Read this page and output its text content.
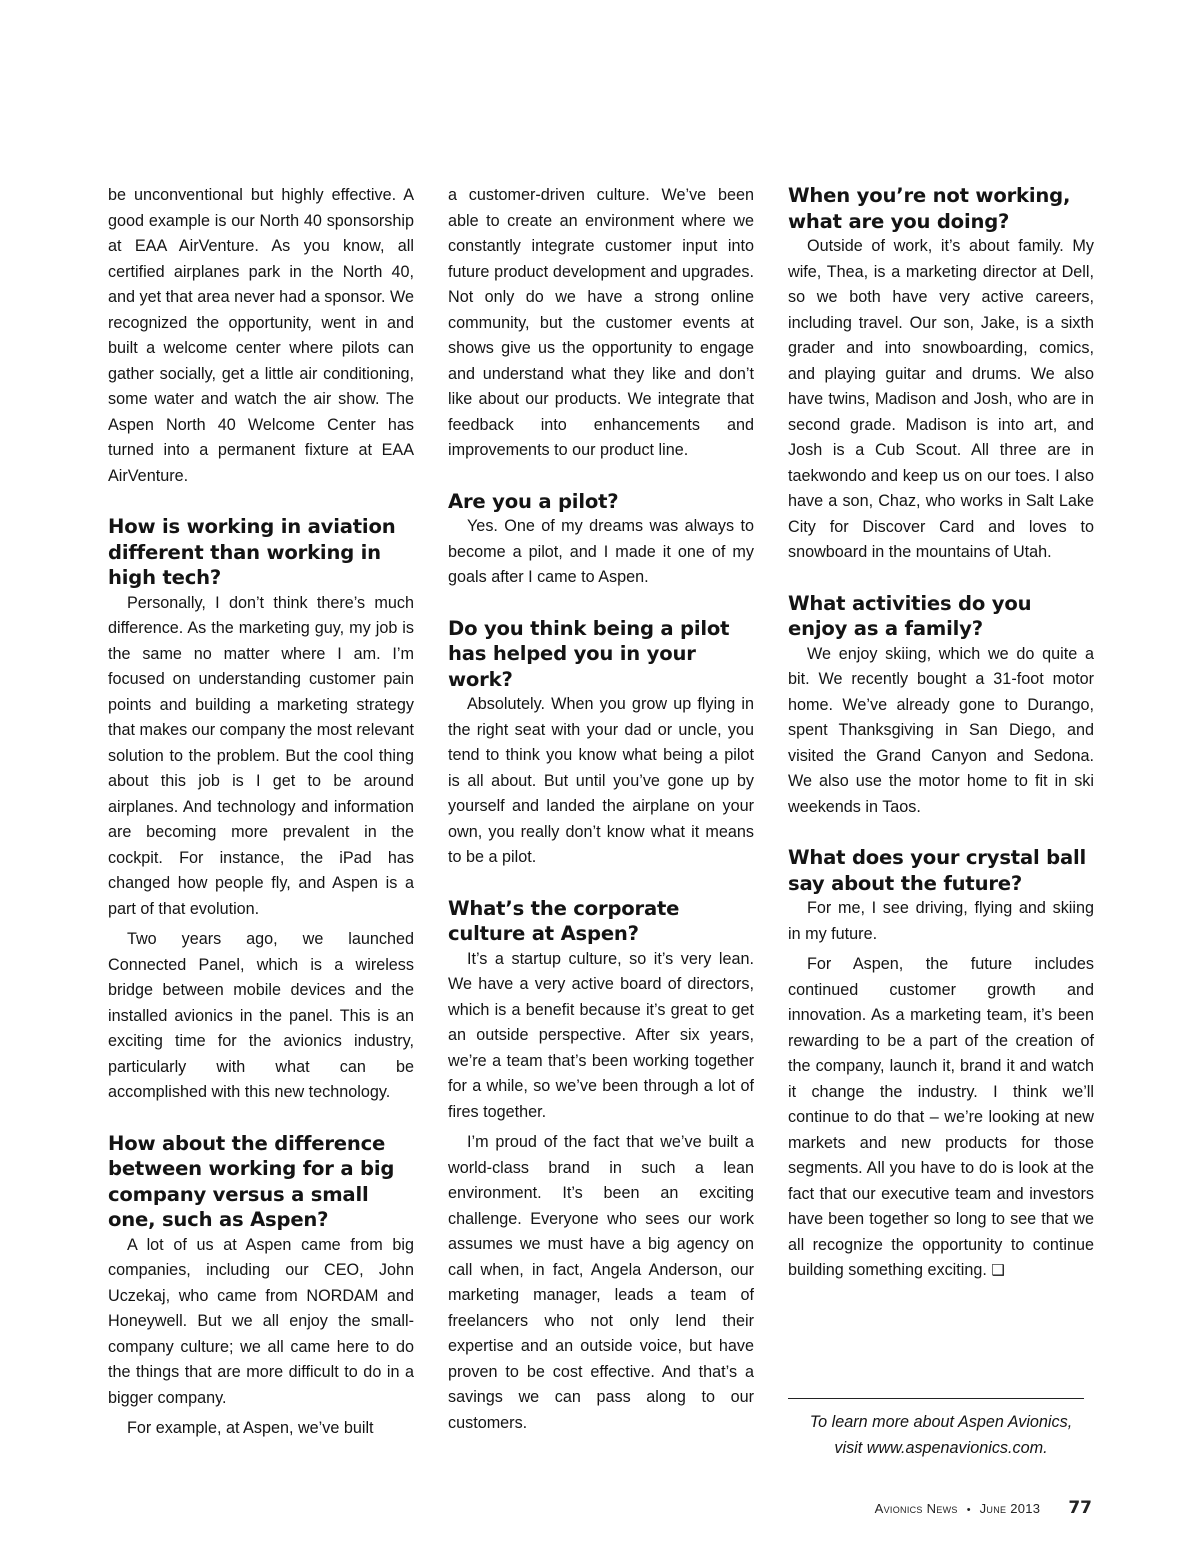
be unconventional but highly effective. A good example is our North 40 sponsorship at EAA AirVenture. As you know, all certified airplanes park in the North 40, and yet that area never had a sponsor. We recognized the opportunity, went in and built a welcome center where pilots can gather socially, get a little air conditioning, some water and watch the air show. The Aspen North 40 Welcome Center has turned into a permanent fixture at EAA AirVenture.

How is working in aviation different than working in high tech?

Personally, I don’t think there’s much difference. As the marketing guy, my job is the same no matter where I am. I’m focused on understanding customer pain points and building a marketing strategy that makes our company the most relevant solution to the problem. But the cool thing about this job is I get to be around airplanes. And technology and information are becoming more prevalent in the cockpit. For instance, the iPad has changed how people fly, and Aspen is a part of that evolution.

Two years ago, we launched Connected Panel, which is a wireless bridge between mobile devices and the installed avionics in the panel. This is an exciting time for the avionics industry, particularly with what can be accomplished with this new technology.

How about the difference between working for a big company versus a small one, such as Aspen?

A lot of us at Aspen came from big companies, including our CEO, John Uczekaj, who came from NORDAM and Honeywell. But we all enjoy the small-company culture; we all came here to do the things that are more difficult to do in a bigger company.

For example, at Aspen, we’ve built

a customer-driven culture. We’ve been able to create an environment where we constantly integrate customer input into future product development and upgrades. Not only do we have a strong online community, but the customer events at shows give us the opportunity to engage and understand what they like and don’t like about our products. We integrate that feedback into enhancements and improvements to our product line.

Are you a pilot?

Yes. One of my dreams was always to become a pilot, and I made it one of my goals after I came to Aspen.

Do you think being a pilot has helped you in your work?

Absolutely. When you grow up flying in the right seat with your dad or uncle, you tend to think you know what being a pilot is all about. But until you’ve gone up by yourself and landed the airplane on your own, you really don’t know what it means to be a pilot.

What’s the corporate culture at Aspen?

It’s a startup culture, so it’s very lean. We have a very active board of directors, which is a benefit because it’s great to get an outside perspective. After six years, we’re a team that’s been working together for a while, so we’ve been through a lot of fires together.

I’m proud of the fact that we’ve built a world-class brand in such a lean environment. It’s been an exciting challenge. Everyone who sees our work assumes we must have a big agency on call when, in fact, Angela Anderson, our marketing manager, leads a team of freelancers who not only lend their expertise and an outside voice, but have proven to be cost effective. And that’s a savings we can pass along to our customers.

When you’re not working, what are you doing?

Outside of work, it’s about family. My wife, Thea, is a marketing director at Dell, so we both have very active careers, including travel. Our son, Jake, is a sixth grader and into snowboarding, comics, and playing guitar and drums. We also have twins, Madison and Josh, who are in second grade. Madison is into art, and Josh is a Cub Scout. All three are in taekwondo and keep us on our toes. I also have a son, Chaz, who works in Salt Lake City for Discover Card and loves to snowboard in the mountains of Utah.

What activities do you enjoy as a family?

We enjoy skiing, which we do quite a bit. We recently bought a 31-foot motor home. We’ve already gone to Durango, spent Thanksgiving in San Diego, and visited the Grand Canyon and Sedona. We also use the motor home to fit in ski weekends in Taos.

What does your crystal ball say about the future?

For me, I see driving, flying and skiing in my future.

For Aspen, the future includes continued customer growth and innovation. As a marketing team, it’s been rewarding to be a part of the creation of the company, launch it, brand it and watch it change the industry. I think we’ll continue to do that – we’re looking at new markets and new products for those segments. All you have to do is look at the fact that our executive team and investors have been together so long to see that we all recognize the opportunity to continue building something exciting. ❑

To learn more about Aspen Avionics,
visit www.aspenavionics.com.
Avionics News • June 2013 77
